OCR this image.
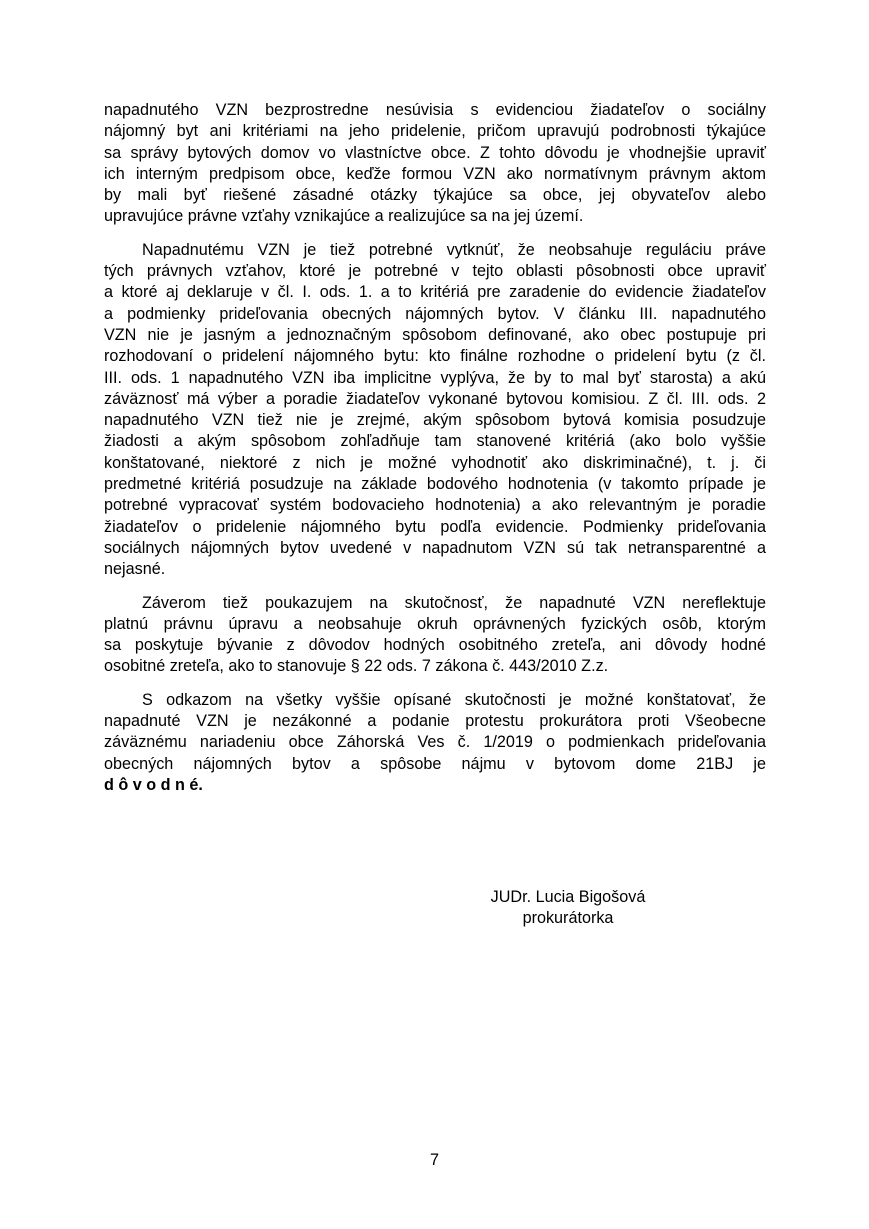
napadnutého VZN bezprostredne nesúvisia s evidenciou žiadateľov o sociálny
nájomný byt ani kritériami na jeho pridelenie, pričom upravujú podrobnosti týkajúce
sa správy bytových domov vo vlastníctve obce. Z tohto dôvodu je vhodnejšie upraviť
ich interným predpisom obce, keďže formou VZN ako normatívnym právnym aktom
by mali byť riešené zásadné otázky týkajúce sa obce, jej obyvateľov alebo
upravujúce právne vzťahy vznikajúce a realizujúce sa na jej území.
Napadnutému VZN je tiež potrebné vytknúť, že neobsahuje reguláciu práve
tých právnych vzťahov, ktoré je potrebné v tejto oblasti pôsobnosti obce upraviť
a ktoré aj deklaruje v čl. I. ods. 1. a to kritériá pre zaradenie do evidencie žiadateľov
a podmienky prideľovania obecných nájomných bytov. V článku III. napadnutého
VZN nie je jasným a jednoznačným spôsobom definované, ako obec postupuje pri
rozhodovaní o pridelení nájomného bytu: kto finálne rozhodne o pridelení bytu (z čl.
III. ods. 1 napadnutého VZN iba implicitne vyplýva, že by to mal byť starosta) a akú
záväznosť má výber a poradie žiadateľov vykonané bytovou komisiou. Z čl. III. ods. 2
napadnutého VZN tiež nie je zrejmé, akým spôsobom bytová komisia posudzuje
žiadosti a akým spôsobom zohľadňuje tam stanovené kritériá (ako bolo vyššie
konštatované, niektoré z nich je možné vyhodnotiť ako diskriminačné), t. j. či
predmetné kritériá posudzuje na základe bodového hodnotenia (v takomto prípade je
potrebné vypracovať systém bodovacieho hodnotenia) a ako relevantným je poradie
žiadateľov o pridelenie nájomného bytu podľa evidencie. Podmienky prideľovania
sociálnych nájomných bytov uvedené v napadnutom VZN sú tak netransparentné a
nejasné.
Záverom tiež poukazujem na skutočnosť, že napadnuté VZN nereflektuje
platnú právnu úpravu a neobsahuje okruh oprávnených fyzických osôb, ktorým
sa poskytuje bývanie z dôvodov hodných osobitného zreteľa, ani dôvody hodné
osobitné zreteľa, ako to stanovuje § 22 ods. 7 zákona č. 443/2010 Z.z.
S odkazom na všetky vyššie opísané skutočnosti je možné konštatovať, že
napadnuté VZN je nezákonné a podanie protestu prokurátora proti Všeobecne
záväznému nariadeniu obce Záhorská Ves č. 1/2019 o podmienkach prideľovania
obecných nájomných bytov a spôsobe nájmu v bytovom dome 21BJ je
d ô v o d n é.
JUDr. Lucia Bigošová
prokurátorka
7
